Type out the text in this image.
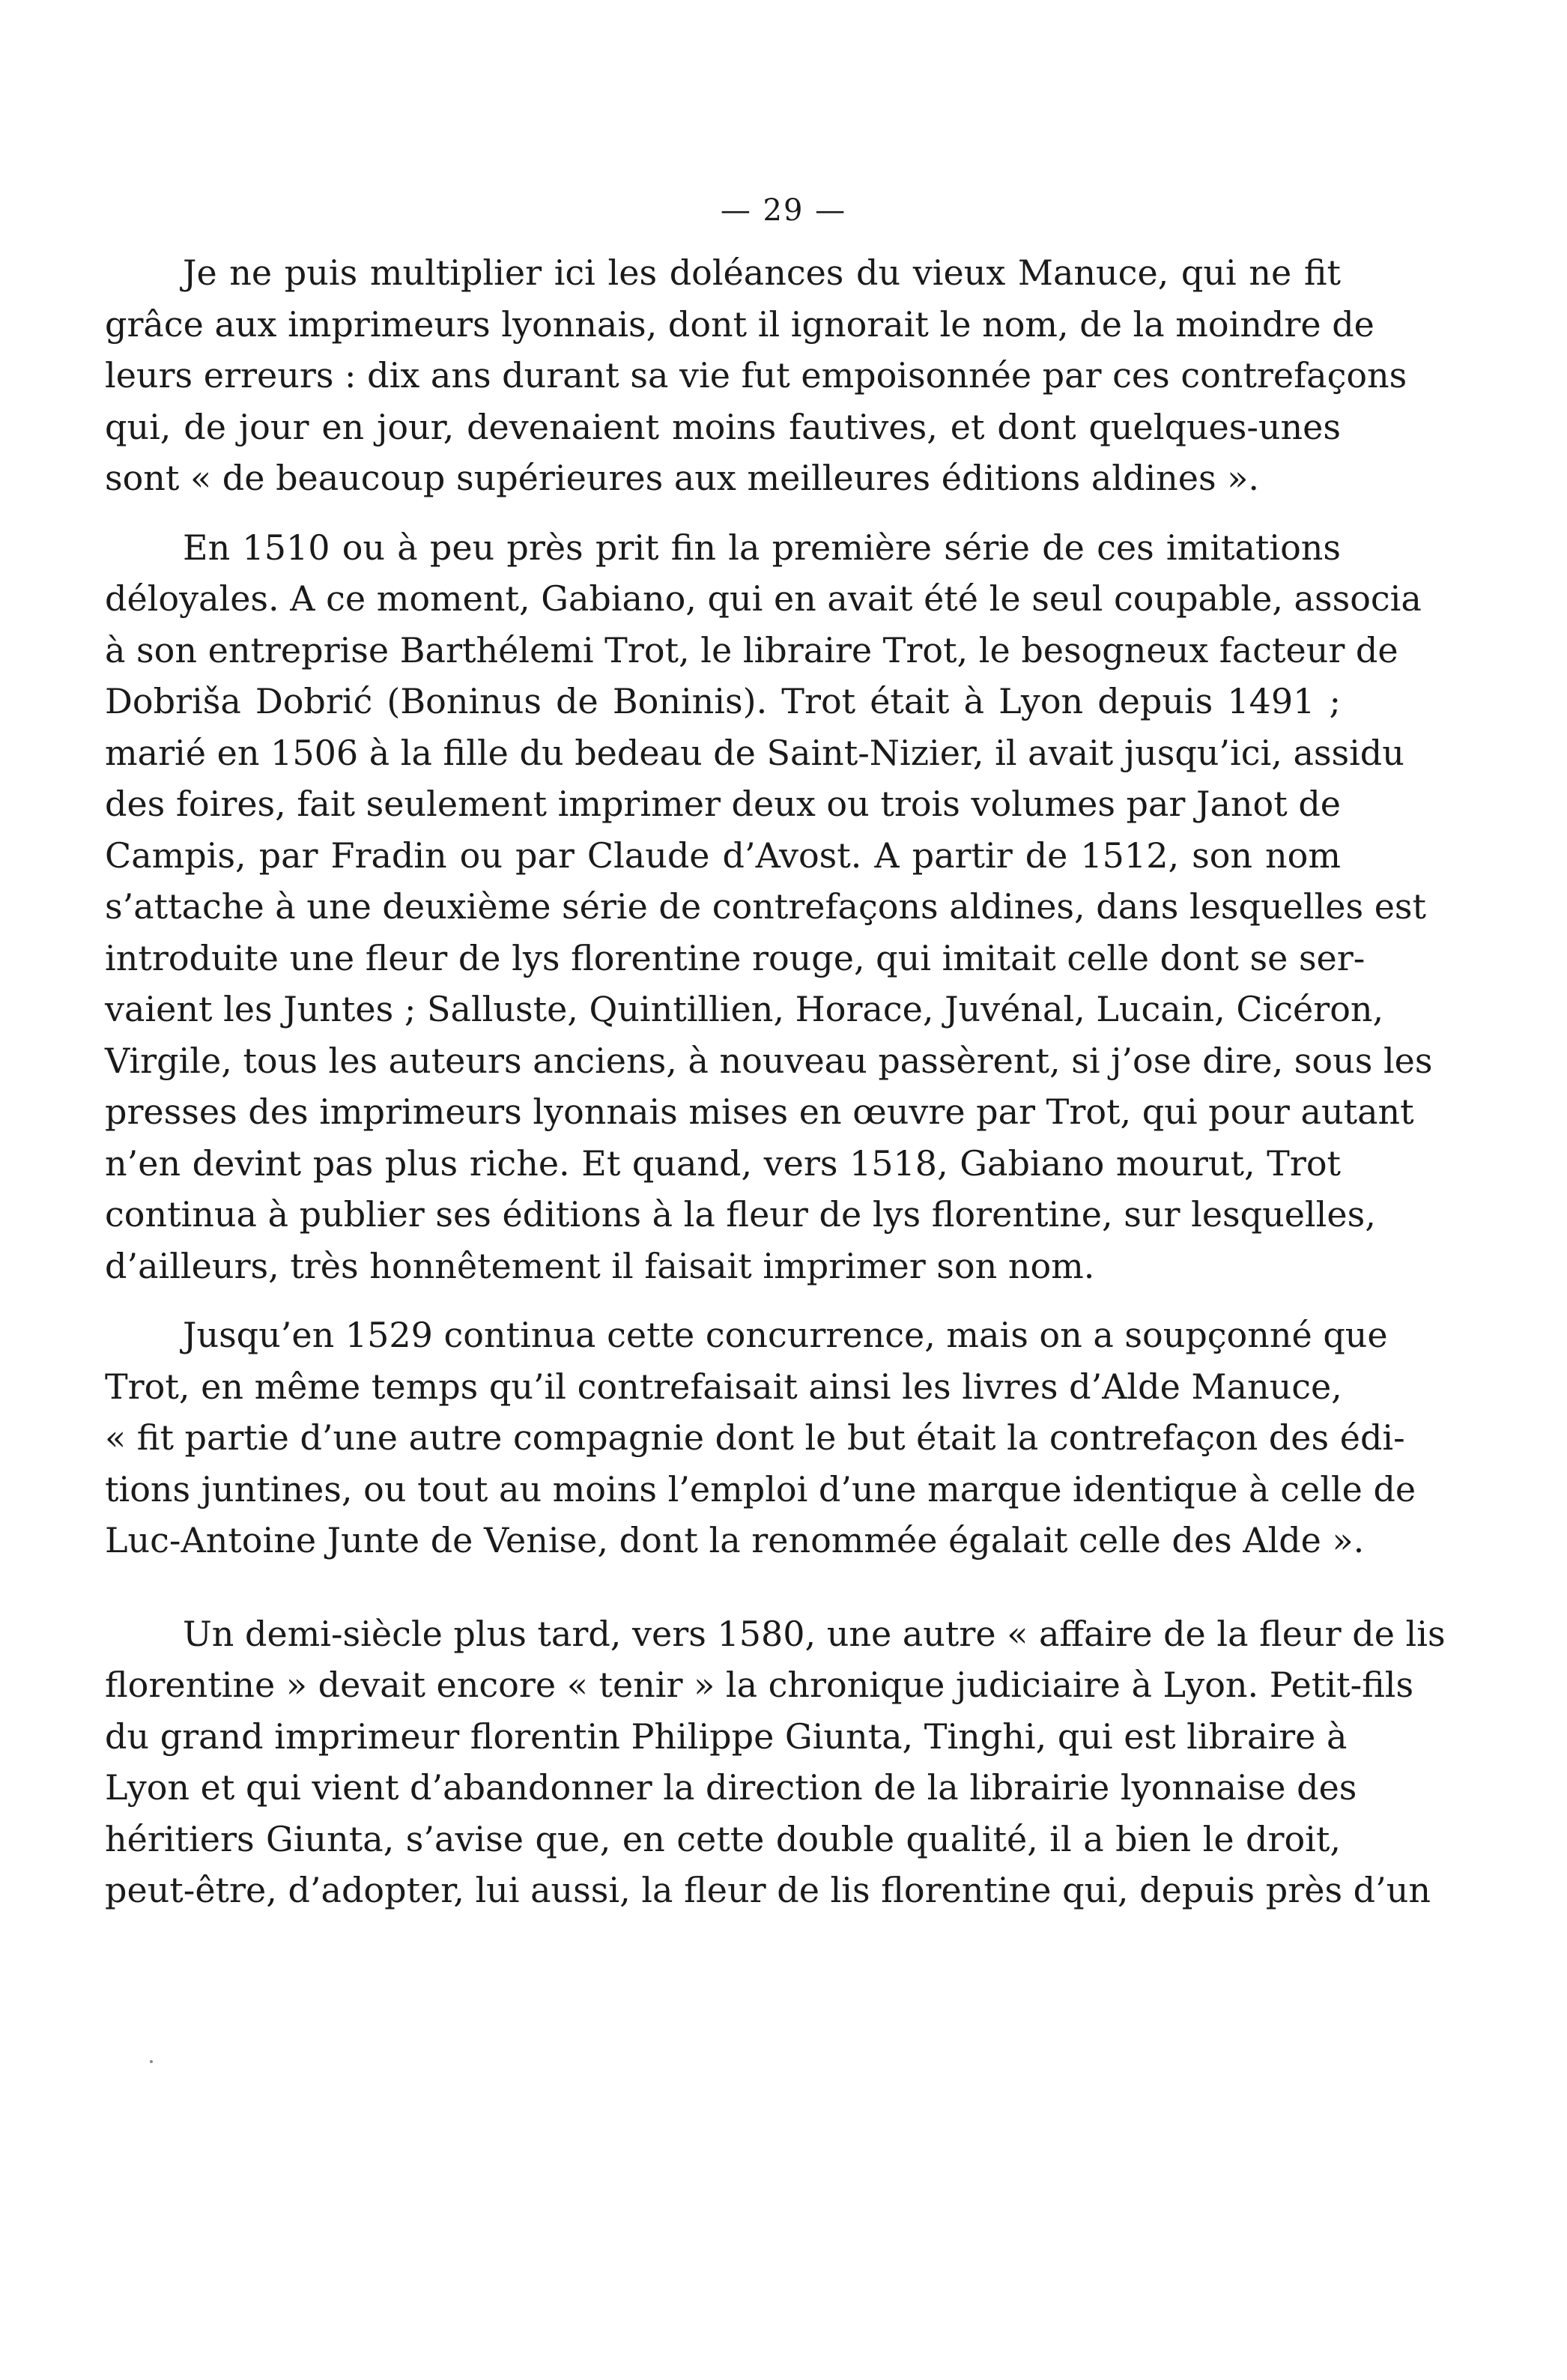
— 29 —
Je ne puis multiplier ici les doléances du vieux Manuce, qui ne fit
grâce aux imprimeurs lyonnais, dont il ignorait le nom, de la moindre de
leurs erreurs : dix ans durant sa vie fut empoisonnée par ces contrefaçons
qui, de jour en jour, devenaient moins fautives, et dont quelques-unes
sont « de beaucoup supérieures aux meilleures éditions aldines ».
En 1510 ou à peu près prit fin la première série de ces imitations
déloyales. A ce moment, Gabiano, qui en avait été le seul coupable, associa
à son entreprise Barthélemi Trot, le libraire Trot, le besogneux facteur de
Dobriša Dobrić (Boninus de Boninis). Trot était à Lyon depuis 1491 ;
marié en 1506 à la fille du bedeau de Saint-Nizier, il avait jusqu’ici, assidu
des foires, fait seulement imprimer deux ou trois volumes par Janot de
Campis, par Fradin ou par Claude d’Avost. A partir de 1512, son nom
s’attache à une deuxième série de contrefaçons aldines, dans lesquelles est
introduite une fleur de lys florentine rouge, qui imitait celle dont se ser-
vaient les Juntes ; Salluste, Quintillien, Horace, Juvénal, Lucain, Cicéron,
Virgile, tous les auteurs anciens, à nouveau passèrent, si j’ose dire, sous les
presses des imprimeurs lyonnais mises en œuvre par Trot, qui pour autant
n’en devint pas plus riche. Et quand, vers 1518, Gabiano mourut, Trot
continua à publier ses éditions à la fleur de lys florentine, sur lesquelles,
d’ailleurs, très honnêtement il faisait imprimer son nom.
Jusqu’en 1529 continua cette concurrence, mais on a soupçonné que
Trot, en même temps qu’il contrefaisait ainsi les livres d’Alde Manuce,
« fit partie d’une autre compagnie dont le but était la contrefaçon des édi-
tions juntines, ou tout au moins l’emploi d’une marque identique à celle de
Luc-Antoine Junte de Venise, dont la renommée égalait celle des Alde ».
Un demi-siècle plus tard, vers 1580, une autre « affaire de la fleur de lis
florentine » devait encore « tenir » la chronique judiciaire à Lyon. Petit-fils
du grand imprimeur florentin Philippe Giunta, Tinghi, qui est libraire à
Lyon et qui vient d’abandonner la direction de la librairie lyonnaise des
héritiers Giunta, s’avise que, en cette double qualité, il a bien le droit,
peut-être, d’adopter, lui aussi, la fleur de lis florentine qui, depuis près d’un
